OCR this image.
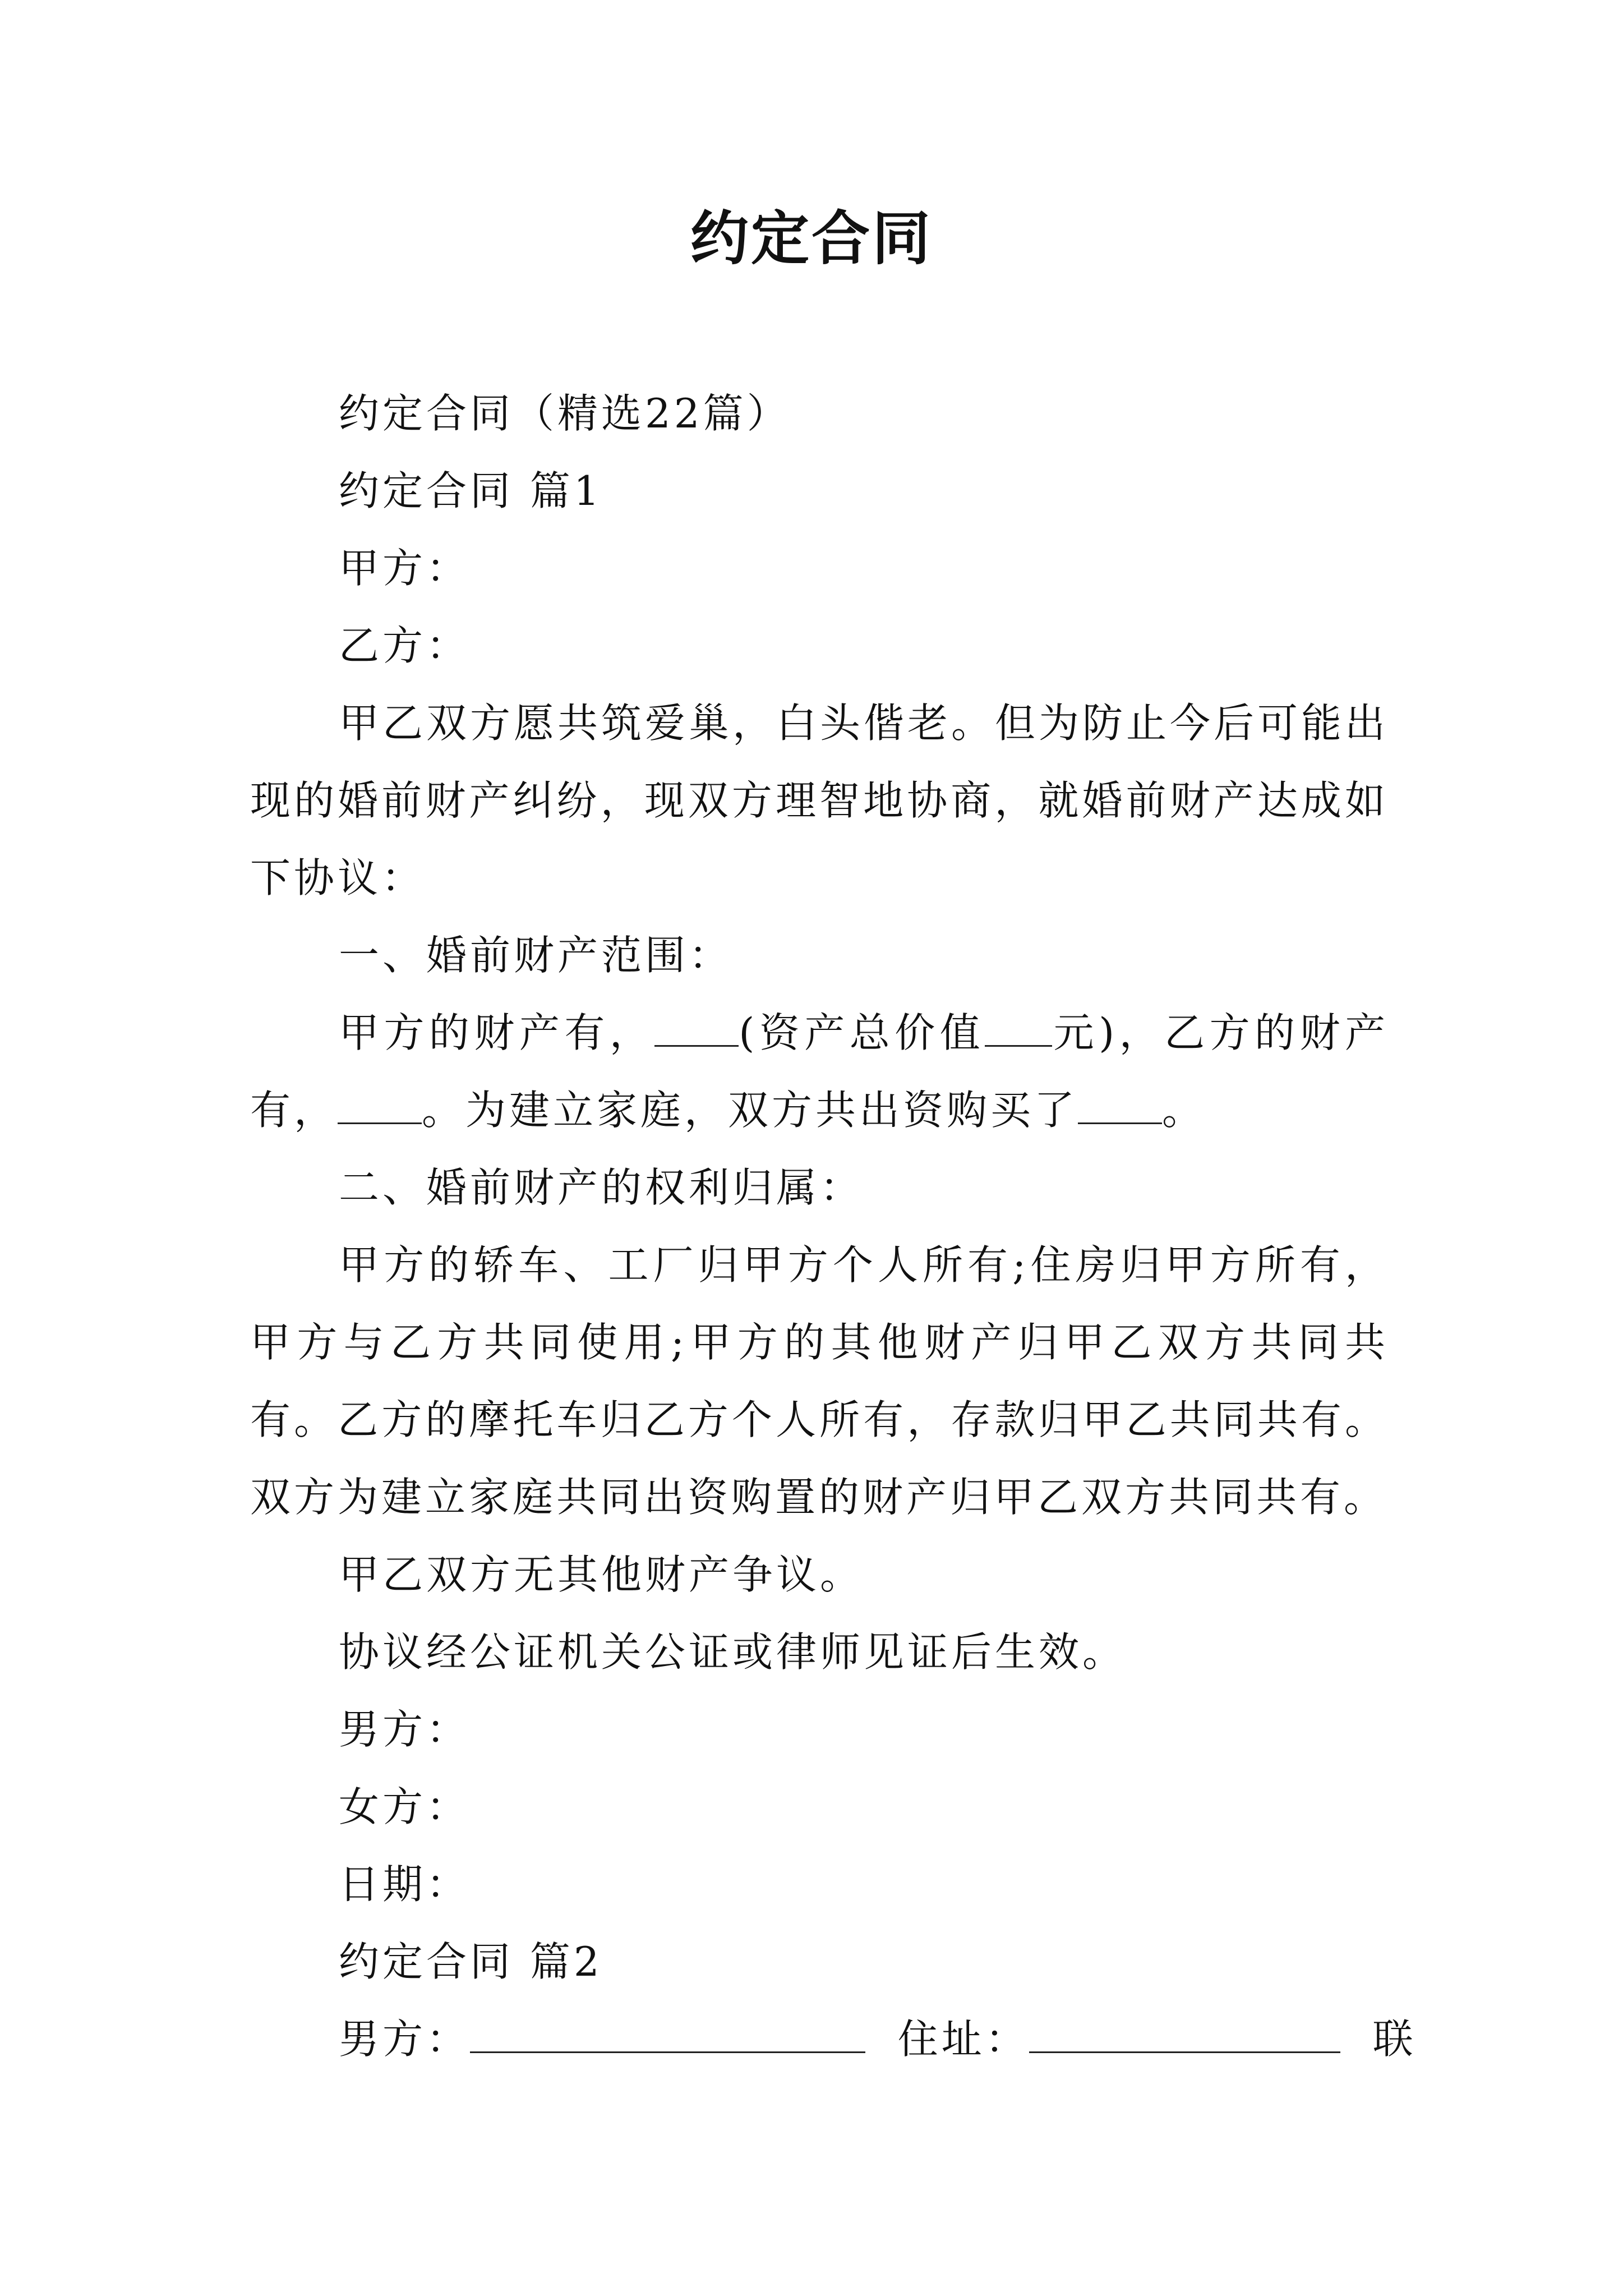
约定合同

约定合同（精选22篇）

约定合同 篇1

甲方：

乙方：

甲乙双方愿共筑爱巢，白头偕老。但为防止今后可能出现的婚前财产纠纷，现双方理智地协商，就婚前财产达成如下协议：

一、婚前财产范围：

甲方的财产有， (资产总价值 元)，乙方的财产有， 。为建立家庭，双方共出资购买了 。

二、婚前财产的权利归属：

甲方的轿车、工厂归甲方个人所有;住房归甲方所有，甲方与乙方共同使用;甲方的其他财产归甲乙双方共同共有。乙方的摩托车归乙方个人所有，存款归甲乙共同共有。双方为建立家庭共同出资购置的财产归甲乙双方共同共有。

甲乙双方无其他财产争议。

协议经公证机关公证或律师见证后生效。

男方：

女方：

日期：

约定合同 篇2

男方：	住址：	联
